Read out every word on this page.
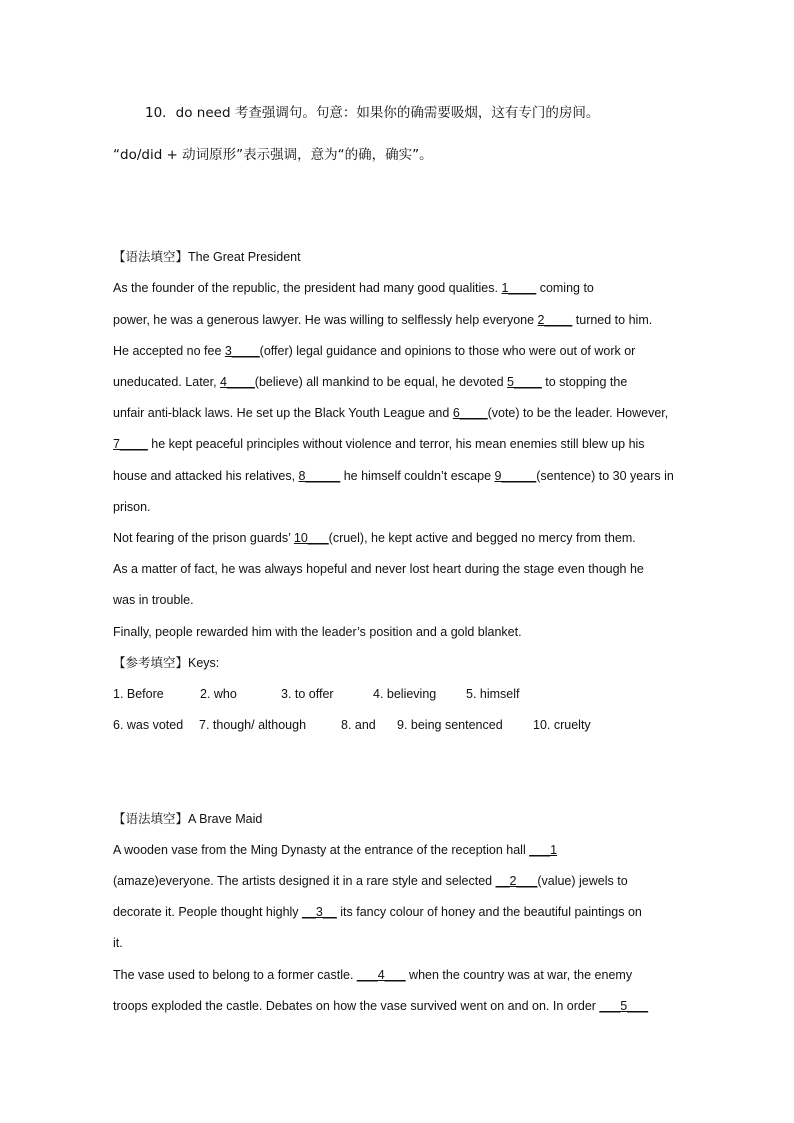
10．do need 考查强调句。句意：如果你的确需要吸烟，这有专门的房间。
“do/did + 动词原形”表示强调，意为“的确，确实”。
【语法填空】The Great President
As the founder of the republic, the president had many good qualities. 1____ coming to
power, he was a generous lawyer. He was willing to selflessly help everyone 2____ turned to him.
He accepted no fee 3____(offer) legal guidance and opinions to those who were out of work or
uneducated. Later, 4____(believe) all mankind to be equal, he devoted 5____ to stopping the
unfair anti-black laws. He set up the Black Youth League and 6____(vote) to be the leader. However,
7____ he kept peaceful principles without violence and terror, his mean enemies still blew up his
house and attacked his relatives, 8_____ he himself couldn’t escape 9_____(sentence) to 30 years in
prison.
Not fearing of the prison guards’ 10___(cruel), he kept active and begged no mercy from them.
As a matter of fact, he was always hopeful and never lost heart during the stage even though he
was in trouble.
Finally, people rewarded him with the leader’s position and a gold blanket.
【参考填空】Keys:
1. Before	2. who	3. to offer	4. believing 5. himself
6. was voted 7. though/ although	8. and 9. being sentenced 10. cruelty
【语法填空】A Brave Maid
A wooden vase from the Ming Dynasty at the entrance of the reception hall ___1
(amaze)everyone. The artists designed it in a rare style and selected __2___(value) jewels to
decorate it. People thought highly __3__ its fancy colour of honey and the beautiful paintings on
it.
The vase used to belong to a former castle. ___4___ when the country was at war, the enemy
troops exploded the castle. Debates on how the vase survived went on and on. In order ___5___
